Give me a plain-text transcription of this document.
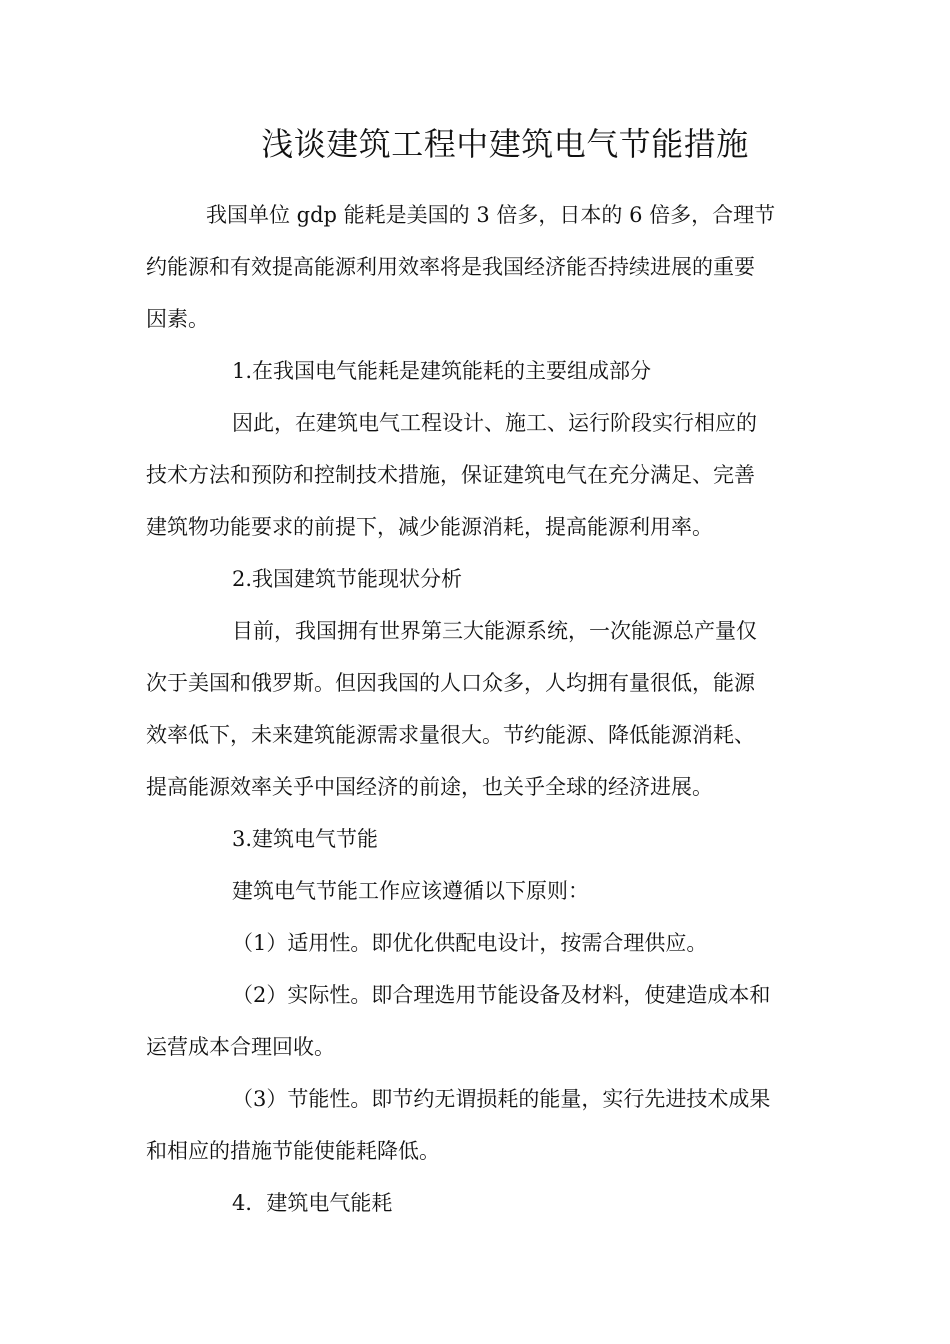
浅谈建筑工程中建筑电气节能措施

我国单位 gdp 能耗是美国的 3 倍多，日本的 6 倍多，合理节

约能源和有效提高能源利用效率将是我国经济能否持续进展的重要

因素。

1.在我国电气能耗是建筑能耗的主要组成部分

因此，在建筑电气工程设计、施工、运行阶段实行相应的

技术方法和预防和控制技术措施，保证建筑电气在充分满足、完善

建筑物功能要求的前提下，减少能源消耗，提高能源利用率。

2.我国建筑节能现状分析

目前，我国拥有世界第三大能源系统，一次能源总产量仅

次于美国和俄罗斯。但因我国的人口众多，人均拥有量很低，能源

效率低下，未来建筑能源需求量很大。节约能源、降低能源消耗、

提高能源效率关乎中国经济的前途，也关乎全球的经济进展。

3.建筑电气节能

建筑电气节能工作应该遵循以下原则：

（1）适用性。即优化供配电设计，按需合理供应。

（2）实际性。即合理选用节能设备及材料，使建造成本和

运营成本合理回收。

（3）节能性。即节约无谓损耗的能量，实行先进技术成果

和相应的措施节能使能耗降低。

4．建筑电气能耗
